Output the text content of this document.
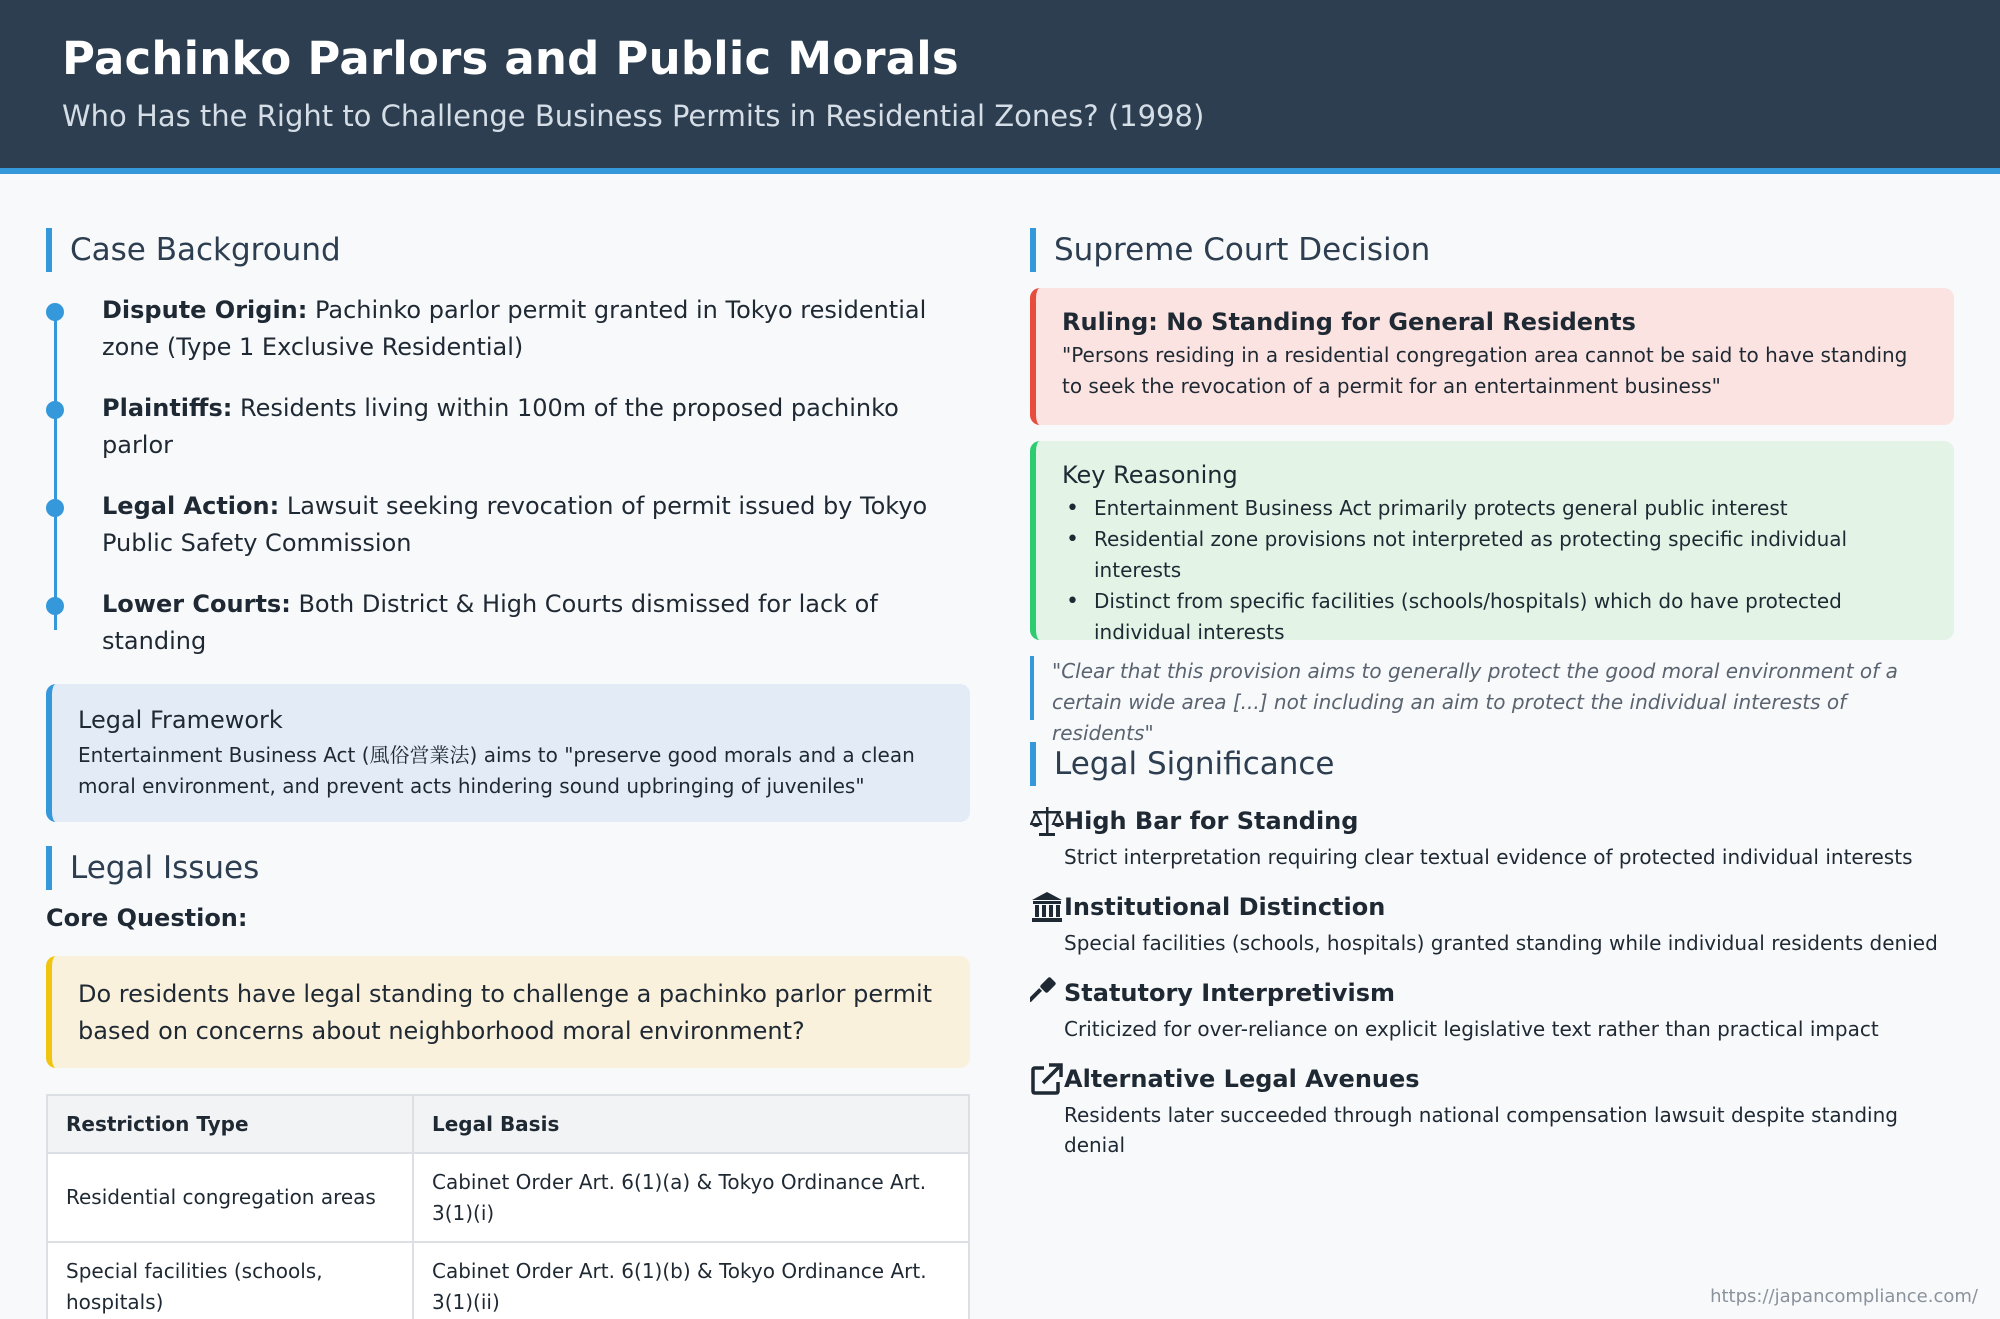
Pachinko Parlors and Public Morals
Who Has the Right to Challenge Business Permits in Residential Zones? (1998)
Case Background
Dispute Origin: Pachinko parlor permit granted in Tokyo residential zone (Type 1 Exclusive Residential)
Plaintiffs: Residents living within 100m of the proposed pachinko parlor
Legal Action: Lawsuit seeking revocation of permit issued by Tokyo Public Safety Commission
Lower Courts: Both District & High Courts dismissed for lack of standing
Legal Framework
Entertainment Business Act (風俗営業法) aims to "preserve good morals and a clean moral environment, and prevent acts hindering sound upbringing of juveniles"
Legal Issues
Core Question:
Do residents have legal standing to challenge a pachinko parlor permit based on concerns about neighborhood moral environment?
Restriction Type	Legal Basis
Residential congregation areas	Cabinet Order Art. 6(1)(a) & Tokyo Ordinance Art. 3(1)(i)
Special facilities (schools, hospitals)	Cabinet Order Art. 6(1)(b) & Tokyo Ordinance Art. 3(1)(ii)
Supreme Court Decision
Ruling: No Standing for General Residents
"Persons residing in a residential congregation area cannot be said to have standing to seek the revocation of a permit for an entertainment business"
Key Reasoning
• Entertainment Business Act primarily protects general public interest
• Residential zone provisions not interpreted as protecting specific individual interests
• Distinct from specific facilities (schools/hospitals) which do have protected individual interests
"Clear that this provision aims to generally protect the good moral environment of a certain wide area [...] not including an aim to protect the individual interests of residents"
Legal Significance
High Bar for Standing
Strict interpretation requiring clear textual evidence of protected individual interests
Institutional Distinction
Special facilities (schools, hospitals) granted standing while individual residents denied
Statutory Interpretivism
Criticized for over-reliance on explicit legislative text rather than practical impact
Alternative Legal Avenues
Residents later succeeded through national compensation lawsuit despite standing denial
https://japancompliance.com/
